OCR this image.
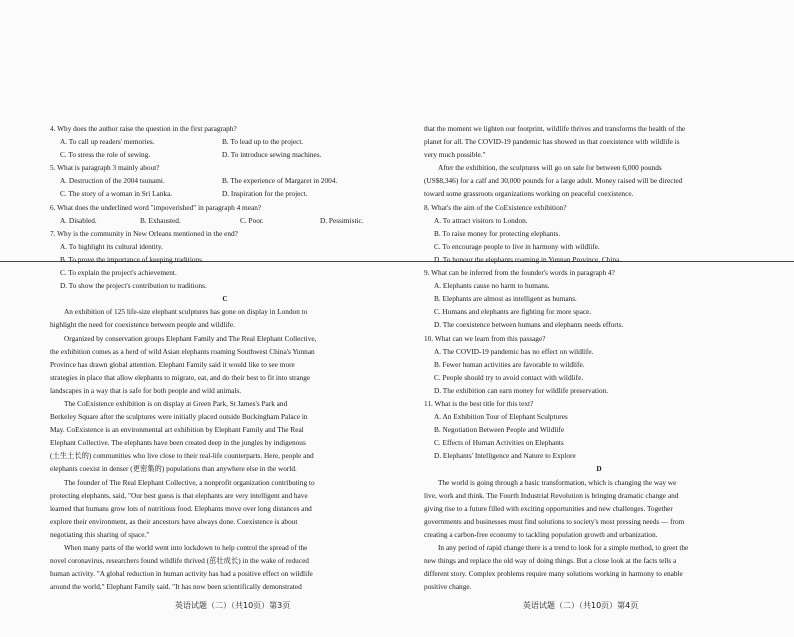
4. Why does the author raise the question in the first paragraph?
A. To call up readers' memories.	B. To lead up to the project.
C. To stress the role of sewing.	D. To introduce sewing machines.
5. What is paragraph 3 mainly about?
A. Destruction of the 2004 tsunami.	B. The experience of Margaret in 2004.
C. The story of a woman in Sri Lanka.	D. Inspiration for the project.
6. What does the underlined word "impoverished" in paragraph 4 mean?
A. Disabled.	B. Exhausted.	C. Poor.	D. Pessimistic.
7. Why is the community in New Orleans mentioned in the end?
A. To highlight its cultural identity.
B. To prove the importance of keeping traditions.
C. To explain the project's achievement.
D. To show the project's contribution to traditions.
C
An exhibition of 125 life-size elephant sculptures has gone on display in London to
highlight the need for coexistence between people and wildlife.
Organized by conservation groups Elephant Family and The Real Elephant Collective,
the exhibition comes as a herd of wild Asian elephants roaming Southwest China's Yunnan
Province has drawn global attention. Elephant Family said it would like to see more
strategies in place that allow elephants to migrate, eat, and do their best to fit into strange
landscapes in a way that is safe for both people and wild animals.
The CoExistence exhibition is on display at Green Park, St James's Park and
Berkeley Square after the sculptures were initially placed outside Buckingham Palace in
May. CoExistence is an environmental art exhibition by Elephant Family and The Real
Elephant Collective. The elephants have been created deep in the jungles by indigenous
(土生土长的) communities who live close to their real-life counterparts. Here, people and
elephants coexist in denser (更密集的) populations than anywhere else in the world.
The founder of The Real Elephant Collective, a nonprofit organization contributing to
protecting elephants, said, "Our best guess is that elephants are very intelligent and have
learned that humans grow lots of nutritious food. Elephants move over long distances and
explore their environment, as their ancestors have always done. Coexistence is about
negotiating this sharing of space."
When many parts of the world went into lockdown to help control the spread of the
novel coronavirus, researchers found wildlife thrived (茁壮成长) in the wake of reduced
human activity. "A global reduction in human activity has had a positive effect on wildlife
around the world," Elephant Family said. "It has now been scientifically demonstrated
that the moment we lighten our footprint, wildlife thrives and transforms the health of the
planet for all. The COVID-19 pandemic has showed us that coexistence with wildlife is
very much possible."
After the exhibition, the sculptures will go on sale for between 6,000 pounds
(US$8,346) for a calf and 30,000 pounds for a large adult. Money raised will be directed
toward some grassroots organizations working on peaceful coexistence.
8. What's the aim of the CoExistence exhibition?
A. To attract visitors to London.
B. To raise money for protecting elephants.
C. To encourage people to live in harmony with wildlife.
D. To honour the elephants roaming in Yunnan Province, China.
9. What can be inferred from the founder's words in paragraph 4?
A. Elephants cause no harm to humans.
B. Elephants are almost as intelligent as humans.
C. Humans and elephants are fighting for more space.
D. The coexistence between humans and elephants needs efforts.
10. What can we learn from this passage?
A. The COVID-19 pandemic has no effect on wildlife.
B. Fewer human activities are favorable to wildlife.
C. People should try to avoid contact with wildlife.
D. The exhibition can earn money for wildlife preservation.
11. What is the best title for this text?
A. An Exhibition Tour of Elephant Sculptures
B. Negotiation Between People and Wildlife
C. Effects of Human Activities on Elephants
D. Elephants' Intelligence and Nature to Explore
D
The world is going through a basic transformation, which is changing the way we
live, work and think. The Fourth Industrial Revolution is bringing dramatic change and
giving rise to a future filled with exciting opportunities and new challenges. Together
governments and businesses must find solutions to society's most pressing needs — from
creating a carbon-free economy to tackling population growth and urbanization.
In any period of rapid change there is a trend to look for a simple method, to greet the
new things and replace the old way of doing things. But a close look at the facts tells a
different story. Complex problems require many solutions working in harmony to enable
positive change.
英语试题（二）（共10页）第3页	英语试题（二）（共10页）第4页
